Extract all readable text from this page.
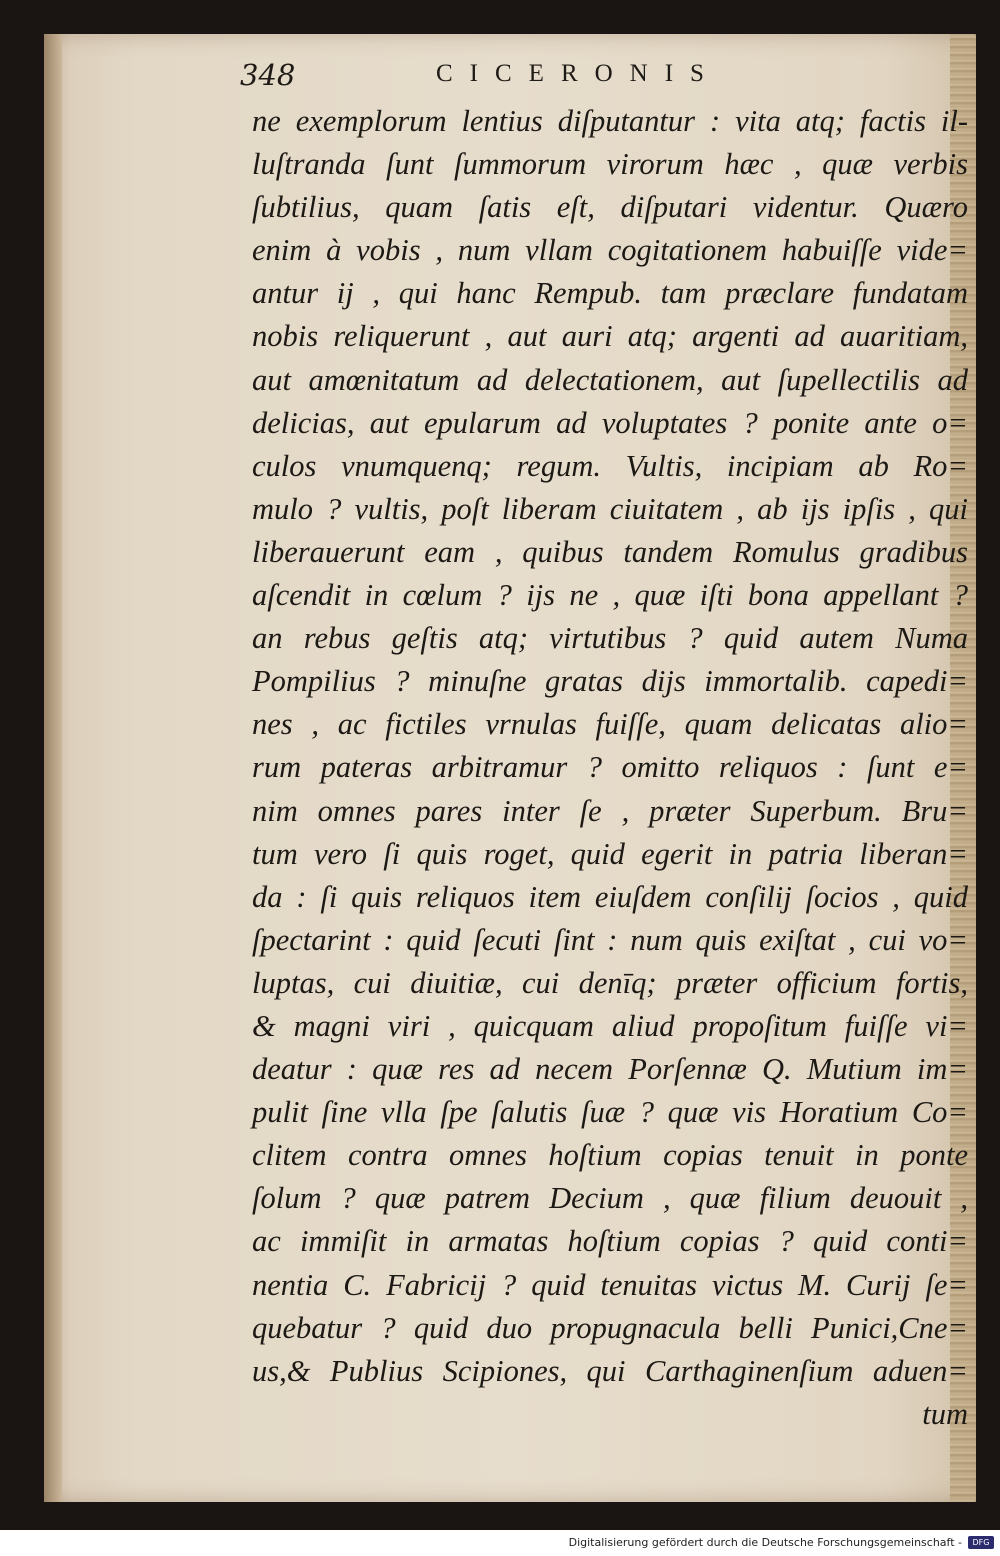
348	CICERONIS
ne exemplorum lentius diſputantur : vita atq; factis il‑
luſtranda ſunt ſummorum virorum hæc , quæ verbis
ſubtilius, quam ſatis eſt, diſputari videntur. Quæro
enim à vobis , num vllam cogitationem habuiſſe vide=
antur ij , qui hanc Rempub. tam præclare fundatam
nobis reliquerunt , aut auri atq; argenti ad auaritiam,
aut amœnitatum ad delectationem, aut ſupellectilis ad
delicias, aut epularum ad voluptates ? ponite ante o=
culos vnumquenq; regum. Vultis, incipiam ab Ro=
mulo ? vultis, poſt liberam ciuitatem , ab ijs ipſis , qui
liberauerunt eam , quibus tandem Romulus gradibus
aſcendit in cœlum ? ijs ne , quæ iſti bona appellant ?
an rebus geſtis atq; virtutibus ? quid autem Numa
Pompilius ? minuſne gratas dijs immortalib. capedi=
nes , ac fictiles vrnulas fuiſſe, quam delicatas alio=
rum pateras arbitramur ? omitto reliquos : ſunt e=
nim omnes pares inter ſe , præter Superbum. Bru=
tum vero ſi quis roget, quid egerit in patria liberan=
da : ſi quis reliquos item eiuſdem conſilij ſocios , quid
ſpectarint : quid ſecuti ſint : num quis exiſtat , cui vo=
luptas, cui diuitiæ, cui denīq; præter officium fortis,
& magni viri , quicquam aliud propoſitum fuiſſe vi=
deatur : quæ res ad necem Porſennæ Q. Mutium im=
pulit ſine vlla ſpe ſalutis ſuæ ? quæ vis Horatium Co=
clitem contra omnes hoſtium copias tenuit in ponte
ſolum ? quæ patrem Decium , quæ filium deuouit ,
ac immiſit in armatas hoſtium copias ? quid conti=
nentia C. Fabricij ? quid tenuitas victus M. Curij ſe=
quebatur ? quid duo propugnacula belli Punici,Cne=
us,& Publius Scipiones, qui Carthaginenſium aduen=
tum
Digitalisierung gefördert durch die Deutsche Forschungsgemeinschaft -	DFG
